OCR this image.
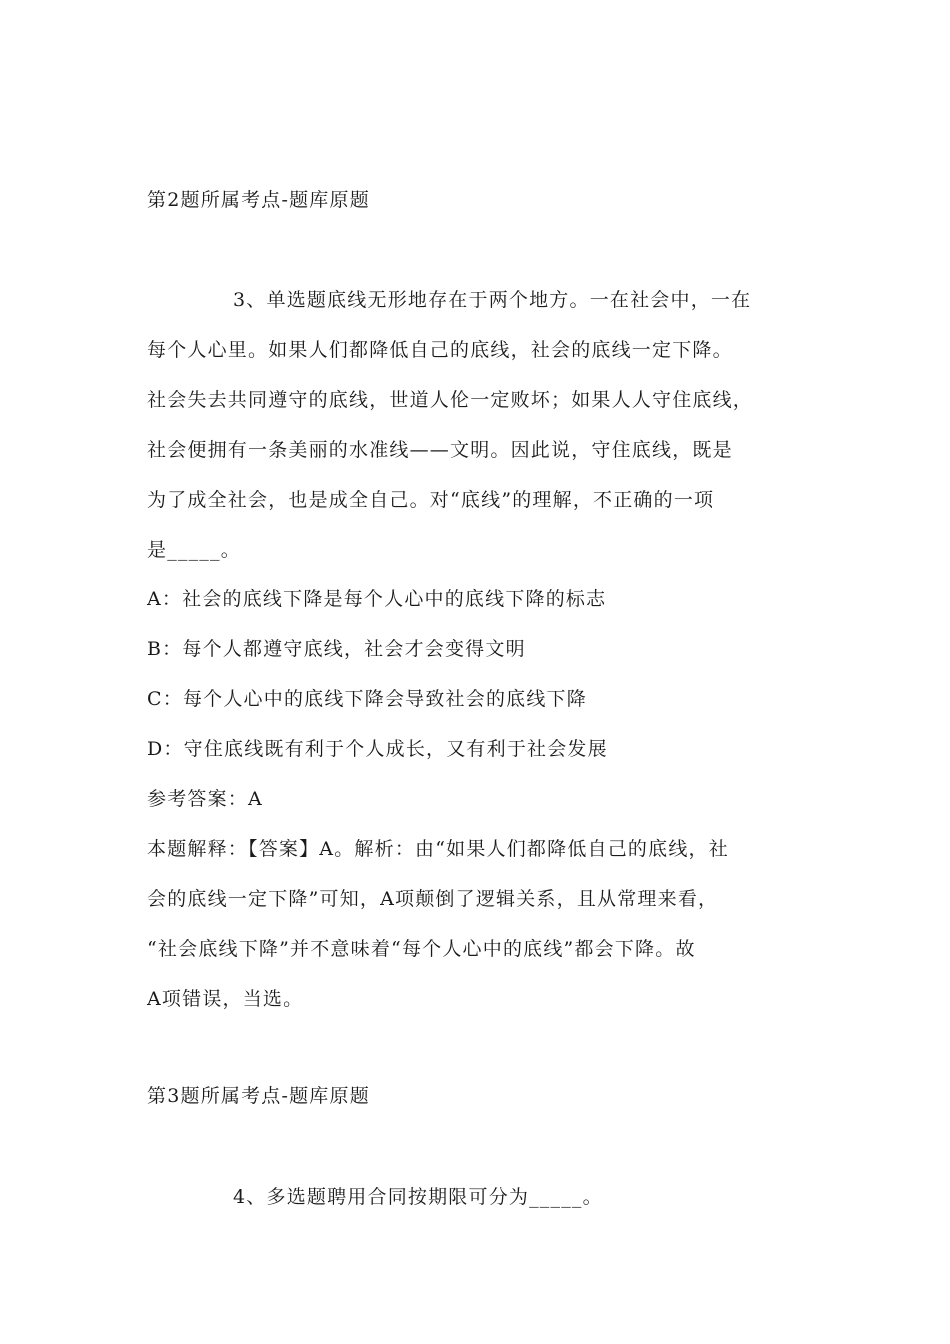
第2题所属考点-题库原题
3、单选题底线无形地存在于两个地方。一在社会中，一在
每个人心里。如果人们都降低自己的底线，社会的底线一定下降。
社会失去共同遵守的底线，世道人伦一定败坏；如果人人守住底线，
社会便拥有一条美丽的水准线——文明。因此说，守住底线，既是
为了成全社会，也是成全自己。对“底线”的理解，不正确的一项
是_____。
A：社会的底线下降是每个人心中的底线下降的标志
B：每个人都遵守底线，社会才会变得文明
C：每个人心中的底线下降会导致社会的底线下降
D：守住底线既有利于个人成长，又有利于社会发展
参考答案：A
本题解释：【答案】A。解析：由“如果人们都降低自己的底线，社
会的底线一定下降”可知，A项颠倒了逻辑关系，且从常理来看，
“社会底线下降”并不意味着“每个人心中的底线”都会下降。故
A项错误，当选。
第3题所属考点-题库原题
4、多选题聘用合同按期限可分为_____。
